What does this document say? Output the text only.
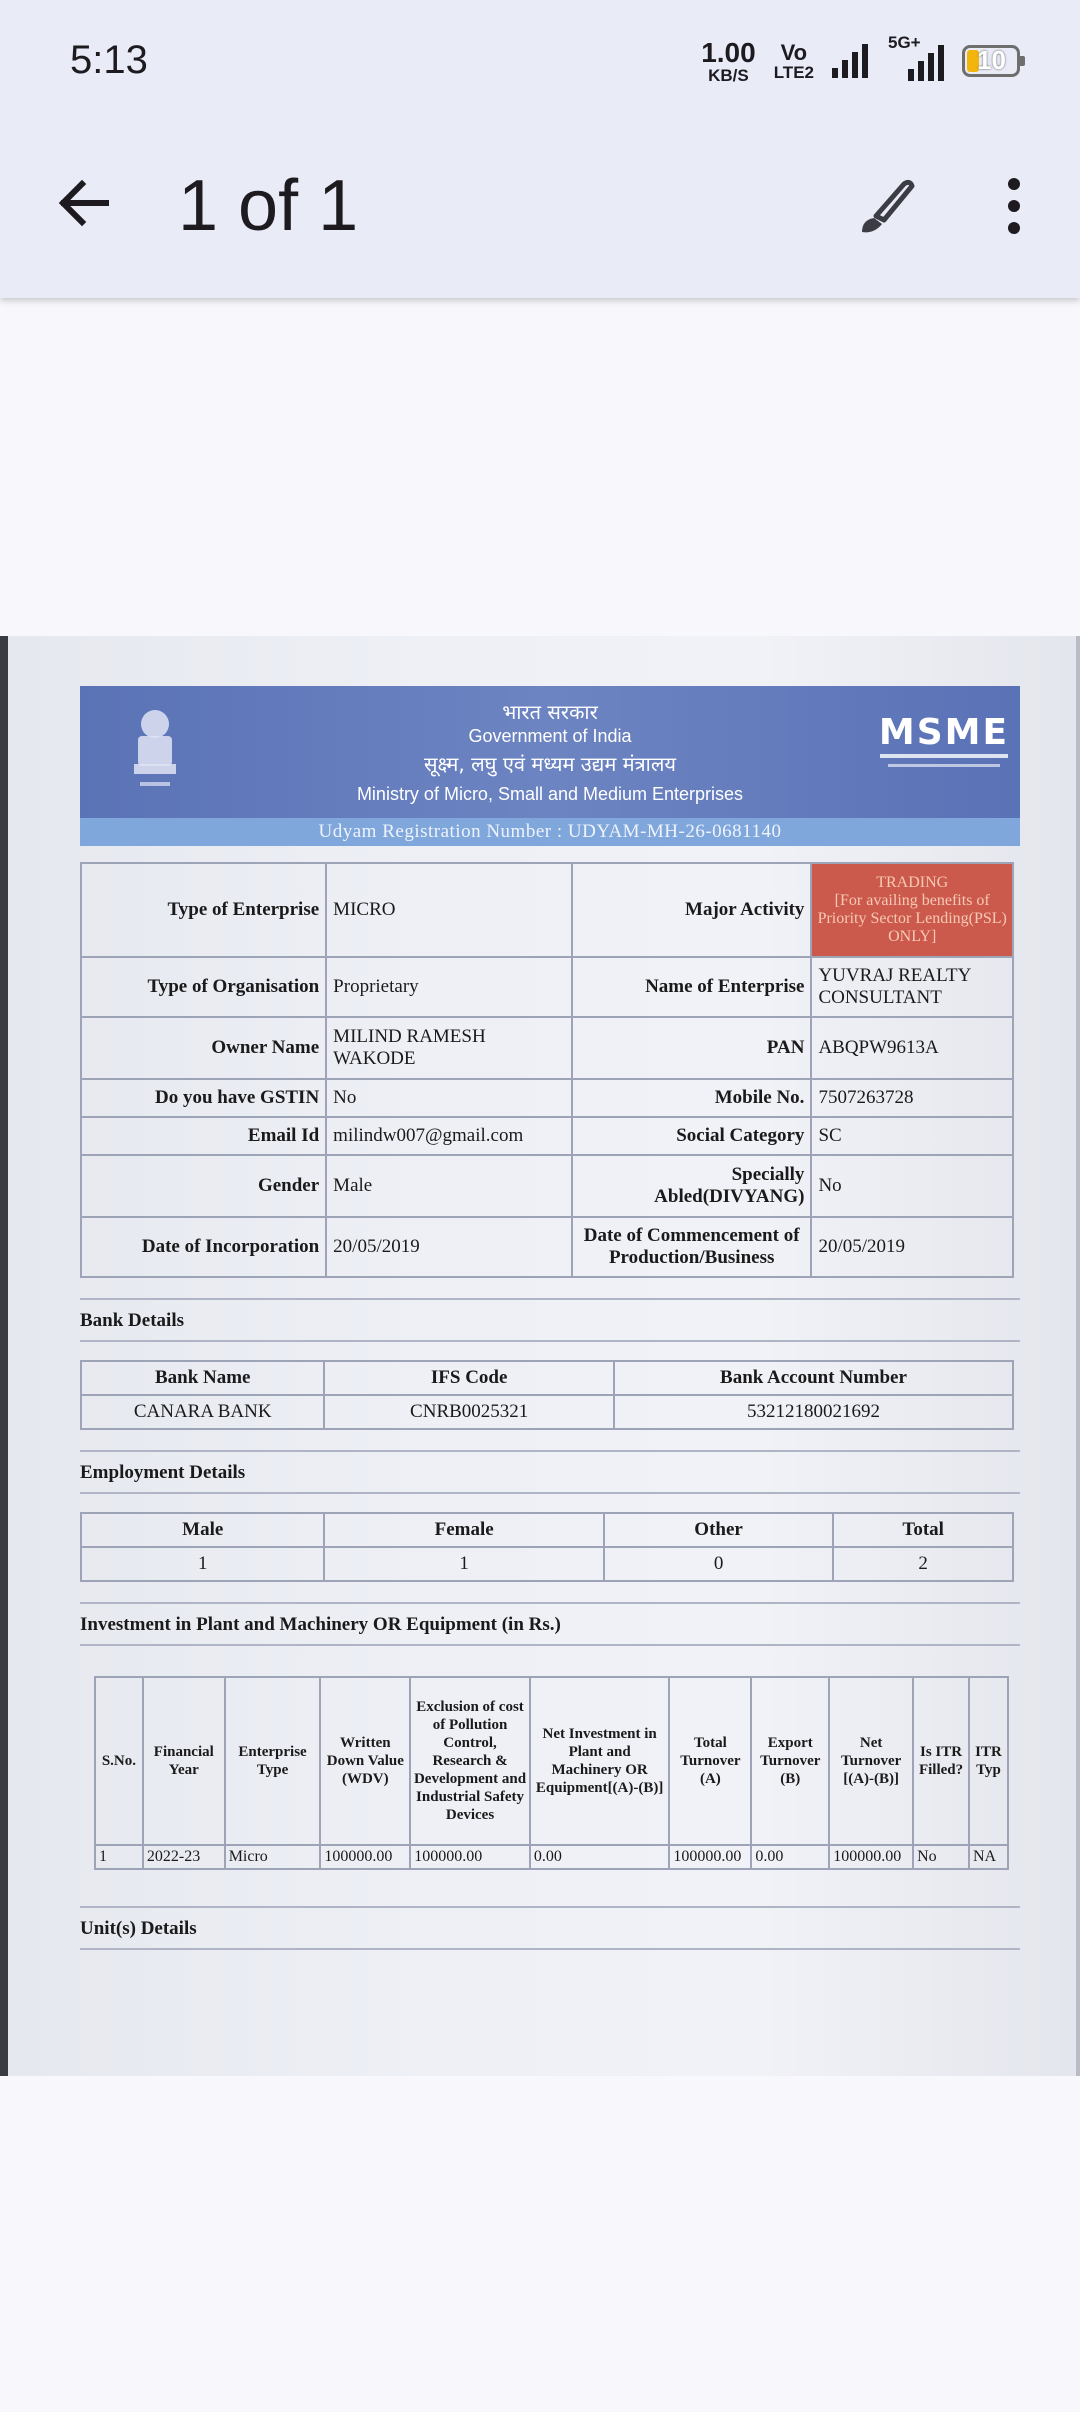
5:13	1.00
KB/S
Vo
LTE2
5G+
10
1 of 1
भारत सरकार
Government of India
सूक्ष्म, लघु एवं मध्यम उद्यम मंत्रालय
Ministry of Micro, Small and Medium Enterprises
MSME
Udyam Registration Number : UDYAM-MH-26-0681140
Type of Enterprise	MICRO	Major Activity	TRADING
[For availing benefits of Priority Sector Lending(PSL) ONLY]

Type of Organisation	Proprietary	Name of Enterprise	YUVRAJ REALTY CONSULTANT
Owner Name	MILIND RAMESH WAKODE	PAN	ABQPW9613A
Do you have GSTIN	No	Mobile No.	7507263728
Email Id	milindw007@gmail.com	Social Category	SC
Gender	Male	Specially Abled(DIVYANG)	No
Date of Incorporation	20/05/2019	Date of Commencement of Production/Business	20/05/2019
Bank Details
Bank Name	IFS Code	Bank Account Number
CANARA BANK	CNRB0025321	53212180021692
Employment Details
Male	Female	Other	Total
1	1	0	2
Investment in Plant and Machinery OR Equipment (in Rs.)
S.No.	Financial Year	Enterprise Type	Written Down Value (WDV)	Exclusion of cost of Pollution Control, Research & Development and Industrial Safety Devices	Net Investment in Plant and Machinery OR Equipment[(A)-(B)]	Total Turnover (A)	Export Turnover (B)	Net Turnover [(A)-(B)]	Is ITR Filled?	ITR Typ
1	2022-23	Micro	100000.00	100000.00	0.00	100000.00	0.00	100000.00	No	NA
Unit(s) Details
